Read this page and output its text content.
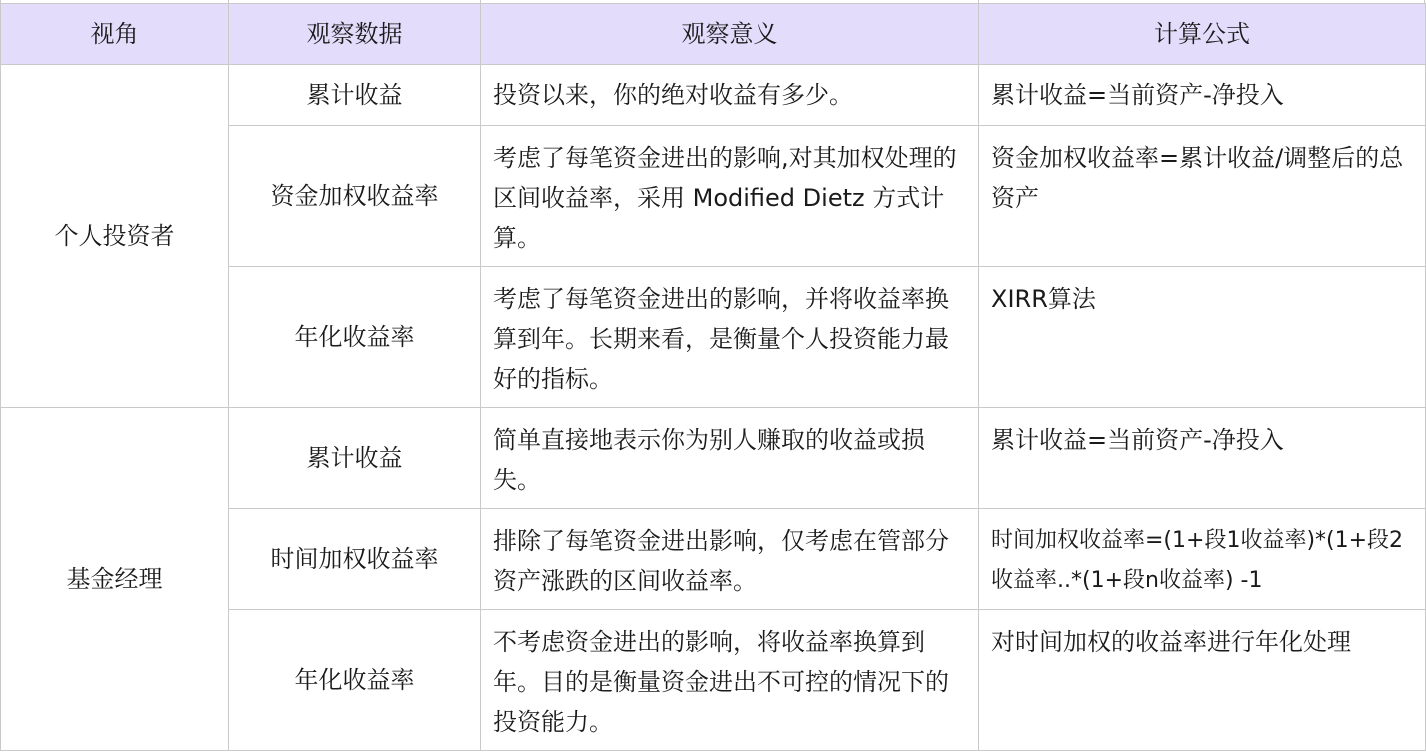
视角	观察数据	观察意义	计算公式
个人投资者	累计收益	投资以来，你的绝对收益有多少。	累计收益=当前资产-净投入
	资金加权收益率	考虑了每笔资金进出的影响,对其加权处理的区间收益率，采用 Modified Dietz 方式计算。	资金加权收益率=累计收益/调整后的总资产
	年化收益率	考虑了每笔资金进出的影响，并将收益率换算到年。长期来看，是衡量个人投资能力最好的指标。	XIRR算法
基金经理	累计收益	简单直接地表示你为别人赚取的收益或损失。	累计收益=当前资产-净投入
	时间加权收益率	排除了每笔资金进出影响，仅考虑在管部分资产涨跌的区间收益率。	时间加权收益率=(1+段1收益率)*(1+段2收益率..*(1+段n收益率) -1
	年化收益率	不考虑资金进出的影响，将收益率换算到年。目的是衡量资金进出不可控的情况下的投资能力。	对时间加权的收益率进行年化处理
